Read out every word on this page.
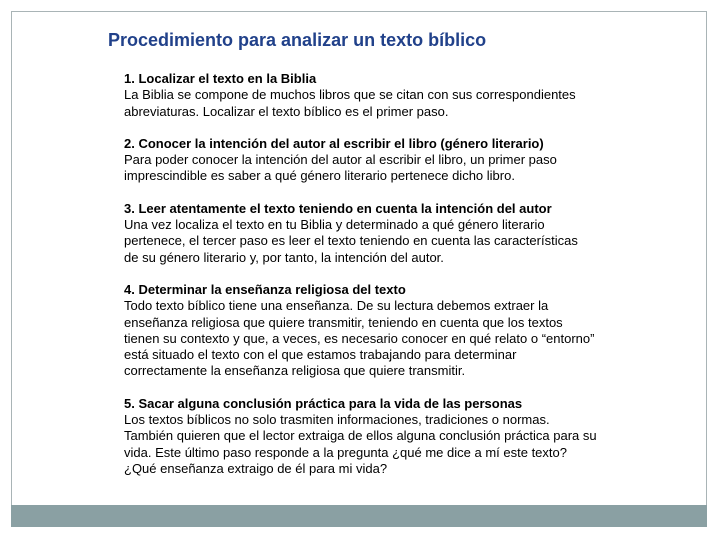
Procedimiento para analizar un texto bíblico

1. Localizar el texto en la Biblia

La Biblia se compone de muchos libros que se citan con sus correspondientes
abreviaturas. Localizar el texto bíblico es el primer paso.

2. Conocer la intención del autor al escribir el libro (género literario)

Para poder conocer la intención del autor al escribir el libro, un primer paso
imprescindible es saber a qué género literario pertenece dicho libro.

3. Leer atentamente el texto teniendo en cuenta la intención del autor

Una vez localiza el texto en tu Biblia y determinado a qué género literario
pertenece, el tercer paso es leer el texto teniendo en cuenta las características
de su género literario y, por tanto, la intención del autor.

4. Determinar la enseñanza religiosa del texto

Todo texto bíblico tiene una enseñanza. De su lectura debemos extraer la
enseñanza religiosa que quiere transmitir, teniendo en cuenta que los textos
tienen su contexto y que, a veces, es necesario conocer en qué relato o “entorno”
está situado el texto con el que estamos trabajando para determinar
correctamente la enseñanza religiosa que quiere transmitir.

5. Sacar alguna conclusión práctica para la vida de las personas

Los textos bíblicos no solo trasmiten informaciones, tradiciones o normas.
También quieren que el lector extraiga de ellos alguna conclusión práctica para su
vida. Este último paso responde a la pregunta ¿qué me dice a mí este texto?
¿Qué enseñanza extraigo de él para mi vida?
